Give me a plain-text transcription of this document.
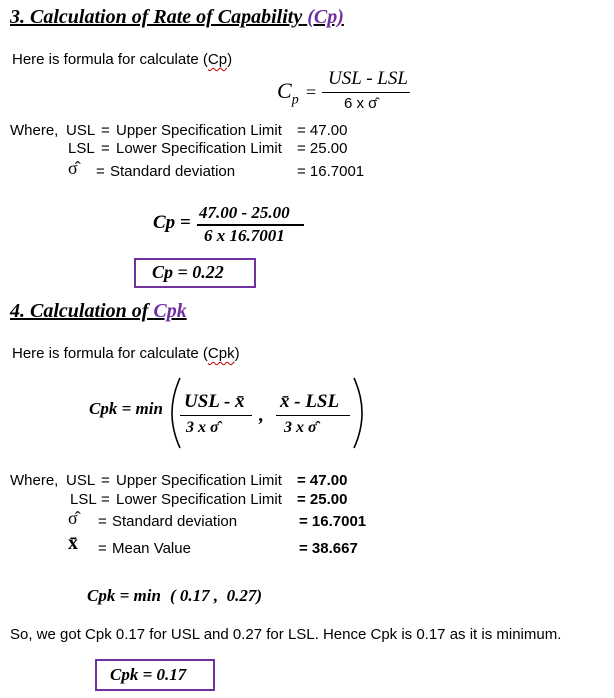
3. Calculation of Rate of Capability (Cp)
Here is formula for calculate (Cp)
$C_p$ =
USL - LSL
6 x σ̂
Where, USL = Upper Specification Limit = 47.00
LSL = Lower Specification Limit = 25.00
σ̂ = Standard deviation	= 16.7001
Cp = 47.00 - 25.00
6 x 16.7001
Cp = 0.22
4. Calculation of Cpk
Here is formula for calculate (Cpk)
Cpk = min USL - x̄
3 x σ̂
,
x̄ - LSL
3 x σ̂
Where, USL = Upper Specification Limit = 47.00
LSL = Lower Specification Limit = 25.00
σ̂ = Standard deviation	= 16.7001
x̄ = Mean Value	= 38.667
Cpk = min ( 0.17 ,  0.27)
So, we got Cpk 0.17 for USL and 0.27 for LSL. Hence Cpk is 0.17 as it is minimum.
Cpk = 0.17
